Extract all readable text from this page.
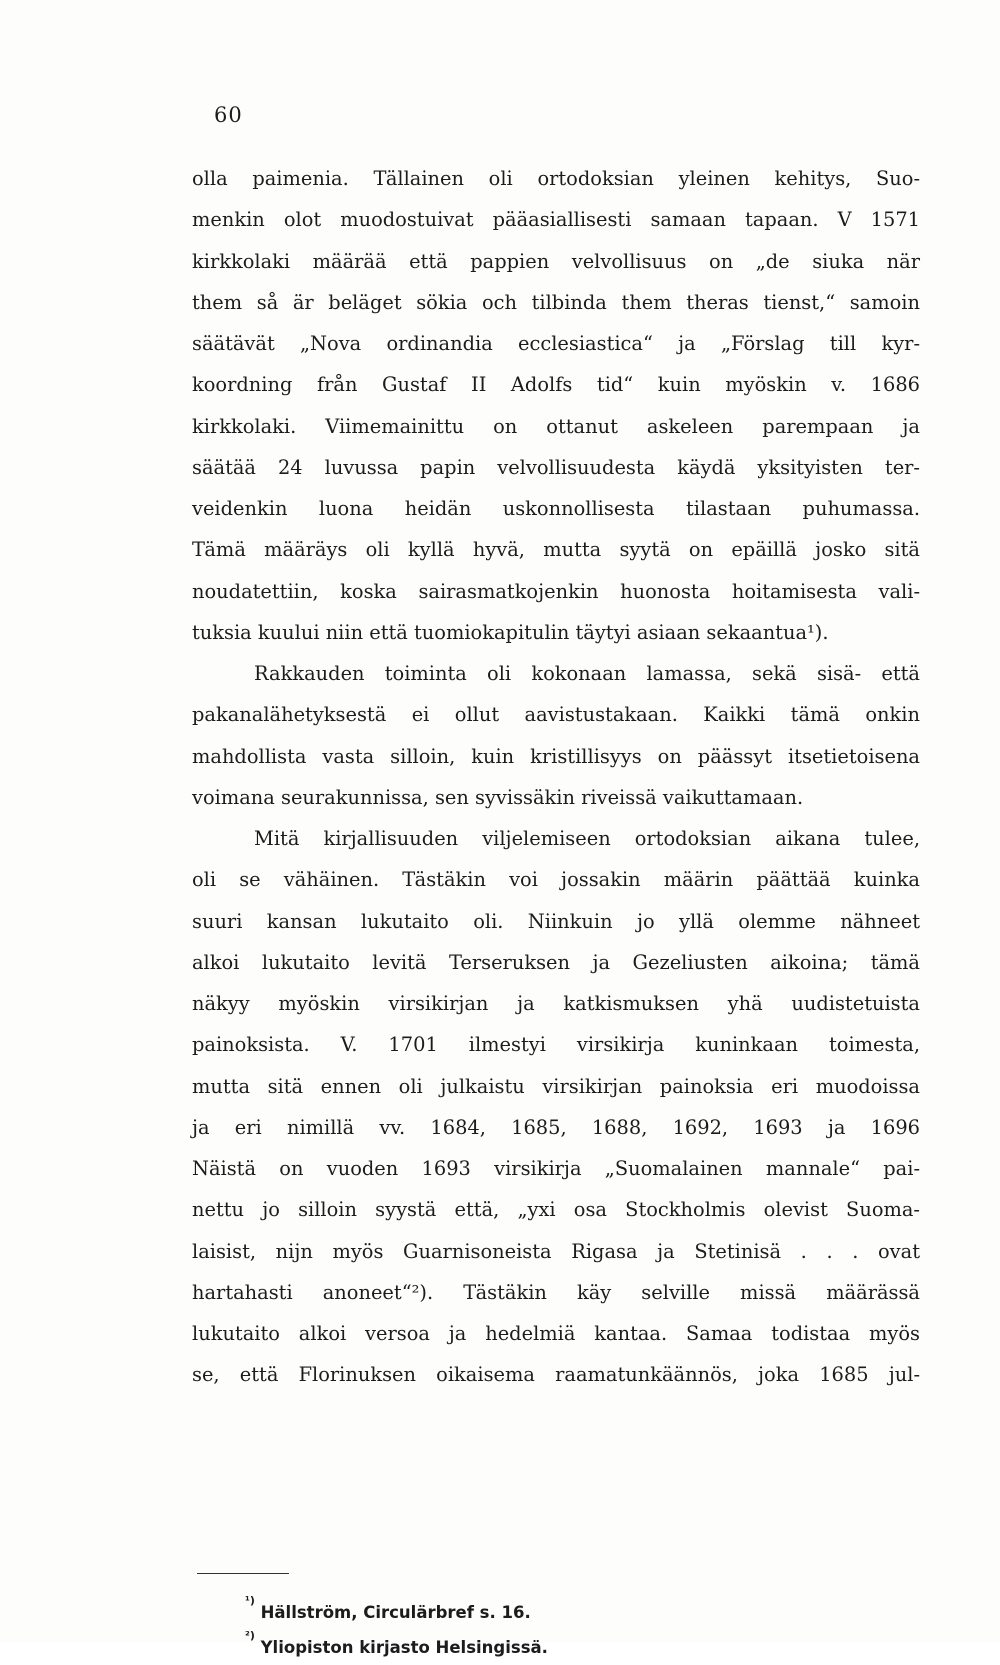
60
olla paimenia. Tällainen oli ortodoksian yleinen kehitys, Suo-
menkin olot muodostuivat pääasiallisesti samaan tapaan. V 1571
kirkkolaki määrää että pappien velvollisuus on „de siuka när
them så är beläget sökia och tilbinda them theras tienst,“ samoin
säätävät „Nova ordinandia ecclesiastica“ ja „Förslag till kyr-
koordning från Gustaf II Adolfs tid“ kuin myöskin v. 1686
kirkkolaki. Viimemainittu on ottanut askeleen parempaan ja
säätää 24 luvussa papin velvollisuudesta käydä yksityisten ter-
veidenkin luona heidän uskonnollisesta tilastaan puhumassa.
Tämä määräys oli kyllä hyvä, mutta syytä on epäillä josko sitä
noudatettiin, koska sairasmatkojenkin huonosta hoitamisesta vali-
tuksia kuului niin että tuomiokapitulin täytyi asiaan sekaantua¹).
Rakkauden toiminta oli kokonaan lamassa, sekä sisä- että
pakanalähetyksestä ei ollut aavistustakaan. Kaikki tämä onkin
mahdollista vasta silloin, kuin kristillisyys on päässyt itsetietoisena
voimana seurakunnissa, sen syvissäkin riveissä vaikuttamaan.
Mitä kirjallisuuden viljelemiseen ortodoksian aikana tulee,
oli se vähäinen. Tästäkin voi jossakin määrin päättää kuinka
suuri kansan lukutaito oli. Niinkuin jo yllä olemme nähneet
alkoi lukutaito levitä Terseruksen ja Gezeliusten aikoina; tämä
näkyy myöskin virsikirjan ja katkismuksen yhä uudistetuista
painoksista. V. 1701 ilmestyi virsikirja kuninkaan toimesta,
mutta sitä ennen oli julkaistu virsikirjan painoksia eri muodoissa
ja eri nimillä vv. 1684, 1685, 1688, 1692, 1693 ja 1696
Näistä on vuoden 1693 virsikirja „Suomalainen mannale“ pai-
nettu jo silloin syystä että, „yxi osa Stockholmis olevist Suoma-
laisist, nijn myös Guarnisoneista Rigasa ja Stetinisä . . . ovat
hartahasti anoneet“²). Tästäkin käy selville missä määrässä
lukutaito alkoi versoa ja hedelmiä kantaa. Samaa todistaa myös
se, että Florinuksen oikaisema raamatunkäännös, joka 1685 jul-
$^{^1)}$ Hällström, Circulärbref s. 16.
$^{^2)}$ Yliopiston kirjasto Helsingissä.
